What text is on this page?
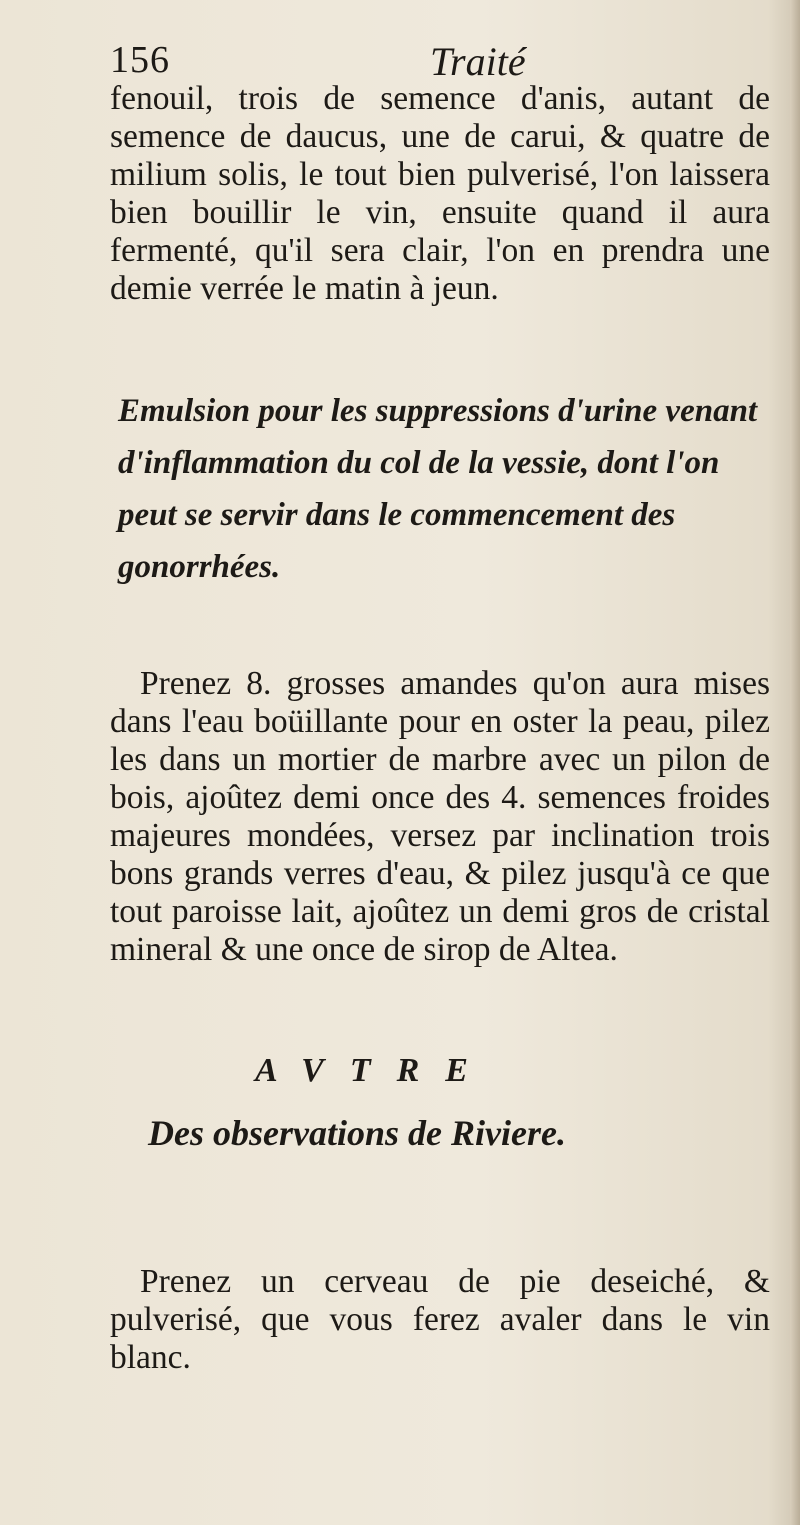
156	Traité

fenouil, trois de semence d'anis, autant de semence de daucus, une de carui, & quatre de milium solis, le tout bien pulverisé, l'on laissera bien bouillir le vin, ensuite quand il aura fermenté, qu'il sera clair, l'on en prendra une demie verrée le matin à jeun.

Emulsion pour les suppressions d'urine venant d'inflammation du col de la vessie, dont l'on peut se servir dans le commencement des gonorrhées.

Prenez 8. grosses amandes qu'on aura mises dans l'eau boüillante pour en oster la peau, pilez les dans un mortier de marbre avec un pilon de bois, ajoûtez demi once des 4. semences froides majeures mondées, versez par inclination trois bons grands verres d'eau, & pilez jusqu'à ce que tout paroisse lait, ajoûtez un demi gros de cristal mineral & une once de sirop de Altea.

AVTRE
Des observations de Riviere.

Prenez un cerveau de pie deseiché, & pulverisé, que vous ferez avaler dans le vin blanc.
